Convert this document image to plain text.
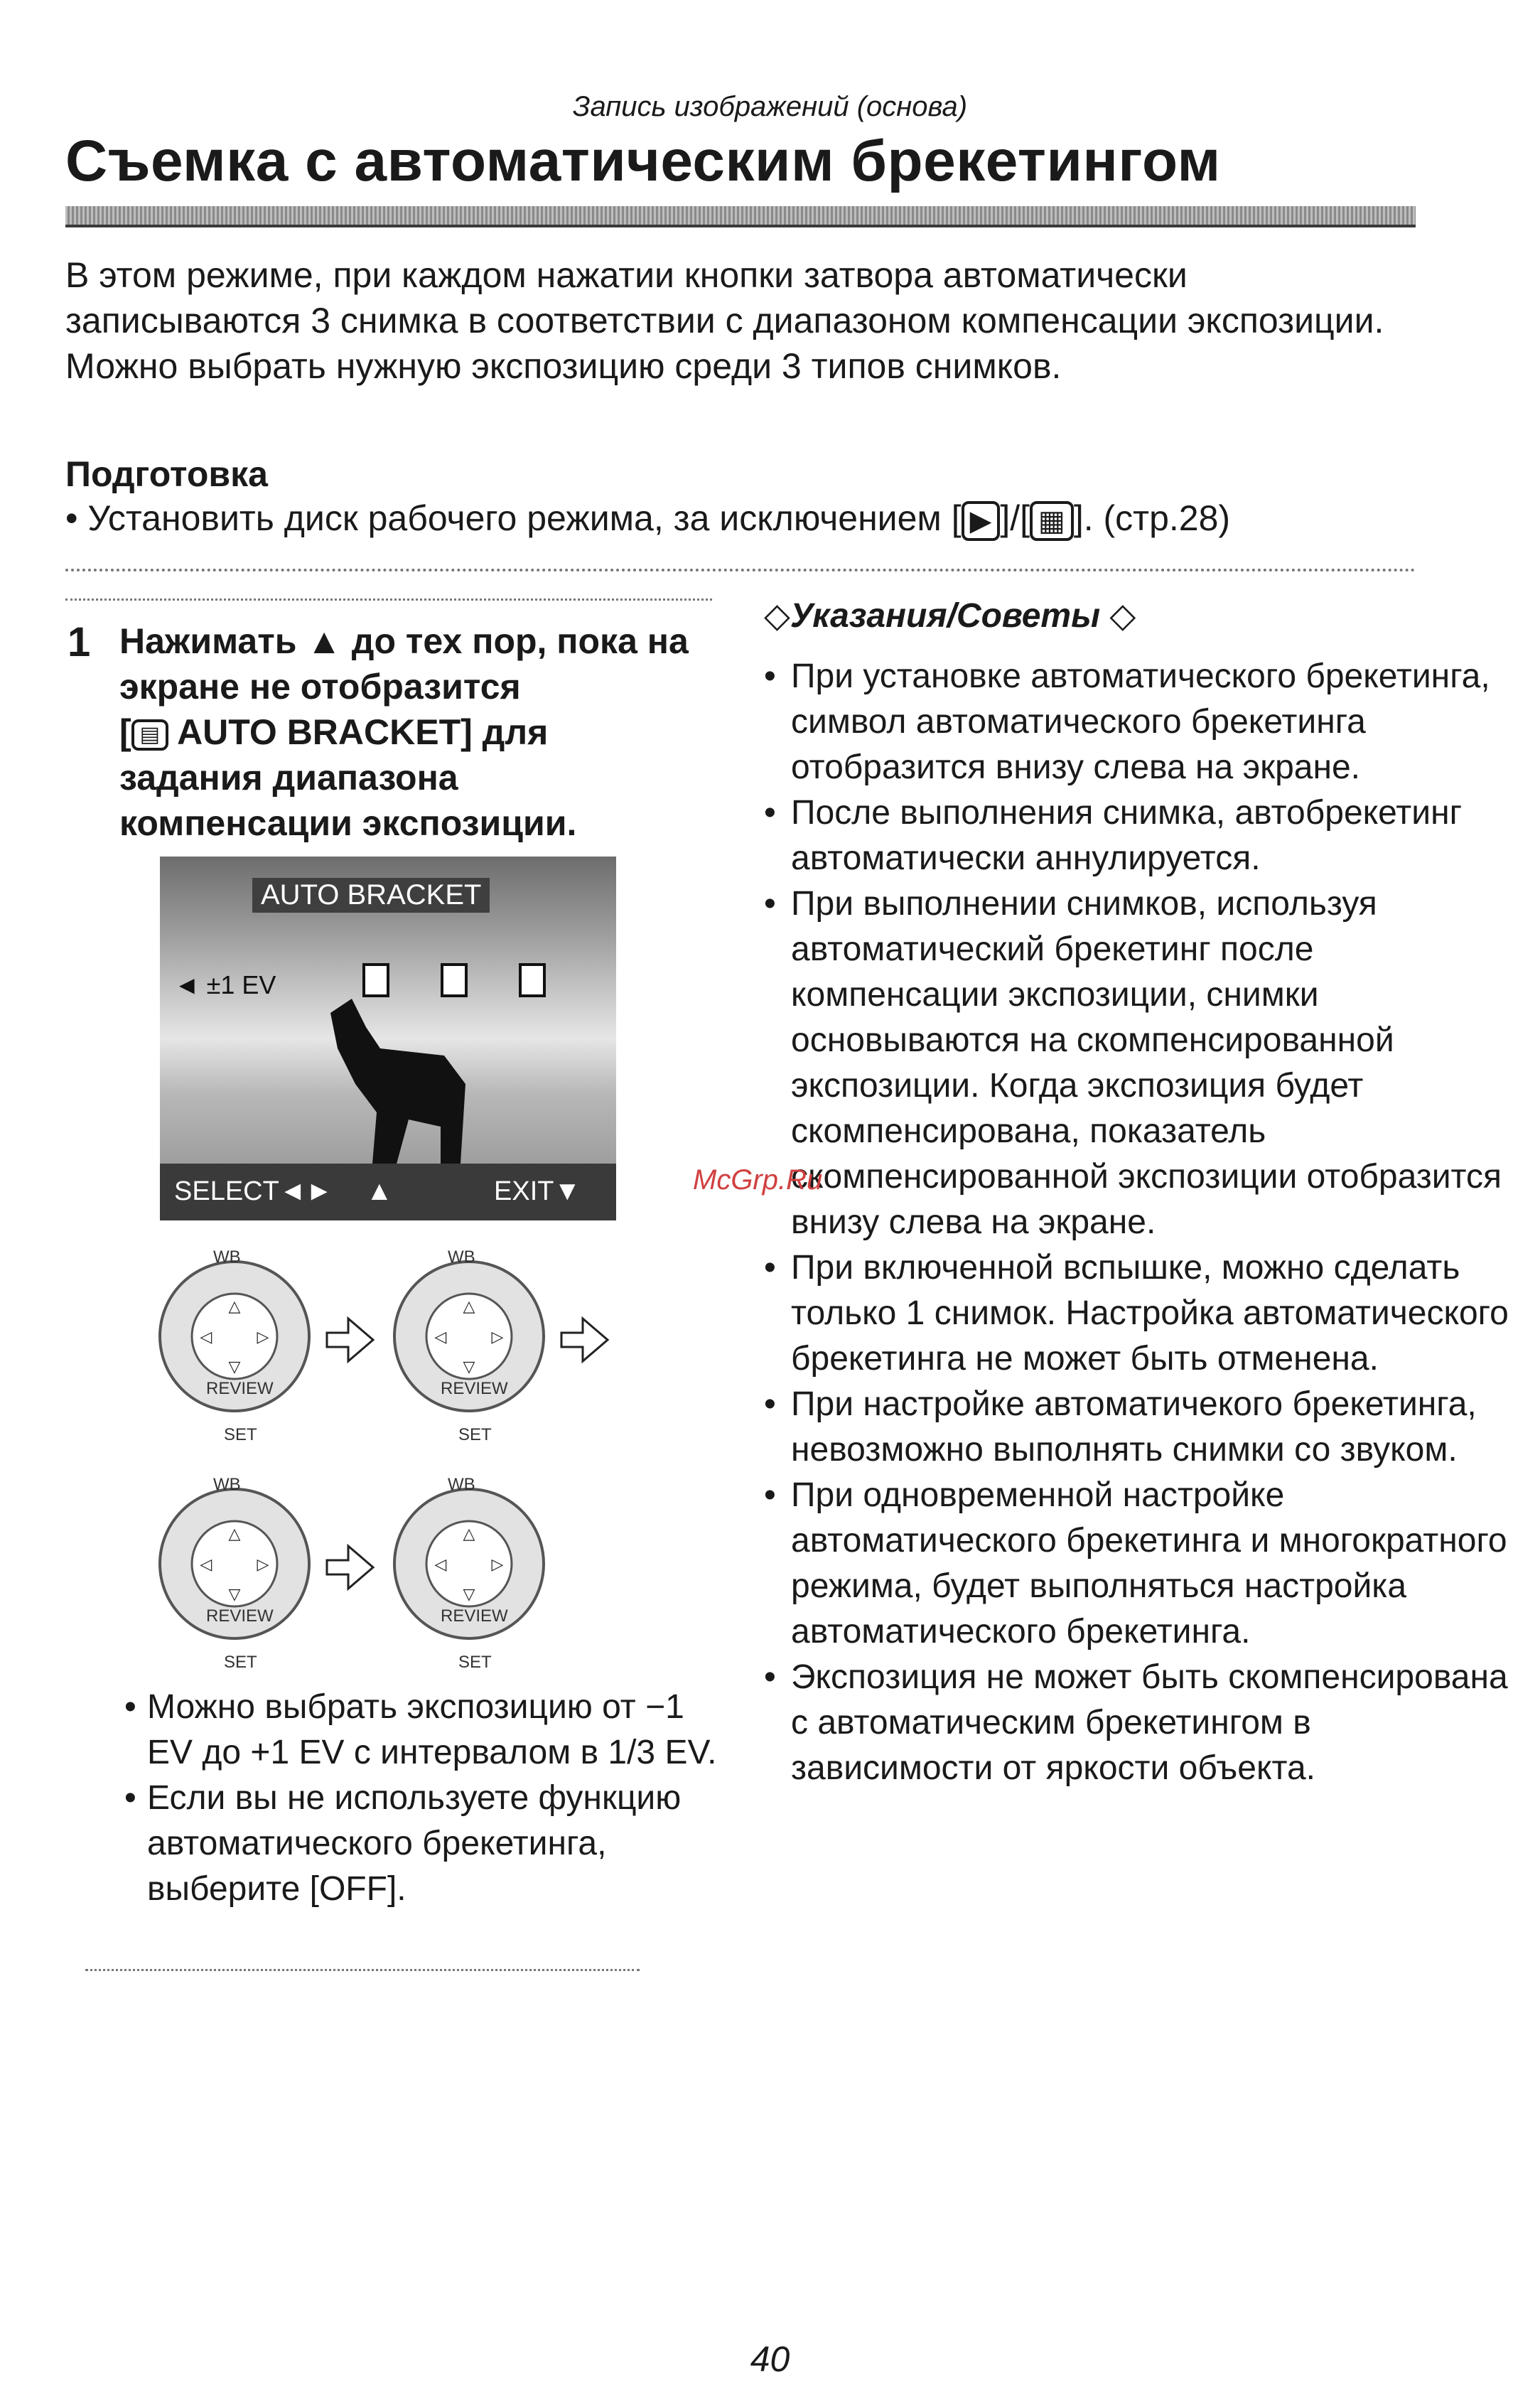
Запись изображений (основа)
Съемка с автоматическим брекетингом

В этом режиме, при каждом нажатии кнопки затвора автоматически записываются 3 снимка в соответствии с диапазоном компенсации экспозиции.

Можно выбрать нужную экспозицию среди 3 типов снимков.

Подготовка
• Установить диск рабочего режима, за исключением [ ▶ ]/[ ▦ ]. (стр.28)
1 Нажимать ▲ до тех пор, пока на
экране не отобразится
[ ▤ AUTO BRACKET] для
задания диапазона
компенсации экспозиции.
AUTO BRACKET
◄ ±1 EV
SELECT◄► ▲	EXIT▼
△
▽
◁	▷
△
▽
◁	▷
△
▽
◁	▷
△
▽
◁	▷
WB	WB
WB	WB
REVIEW	REVIEW
REVIEW	REVIEW
SET	SET
SET	SET
• Можно выбрать экспозицию от −1 EV до +1 EV с интервалом в 1/3 EV.
• Если вы не используете функцию автоматического брекетинга, выберите [OFF].
◇Указания/Советы ◇
• При установке автоматического брекетинга, символ автоматического брекетинга отобразится внизу слева на экране.
• После выполнения снимка, автобрекетинг автоматически аннулируется.
• При выполнении снимков, используя автоматический брекетинг после компенсации экспозиции, снимки основываются на скомпенсированной экспозиции. Когда экспозиция будет скомпенсирована, показатель скомпенсированной экспозиции отобразится внизу слева на экране.
• При включенной вспышке, можно сделать только 1 снимок. Настройка автоматического брекетинга не может быть отменена.
• При настройке автоматичекого брекетинга, невозможно выполнять снимки со звуком.
• При одновременной настройке автоматического брекетинга и многократного режима, будет выполняться настройка автоматического брекетинга.
• Экспозиция не может быть скомпенсирована с автоматическим брекетингом в зависимости от яркости объекта.
McGrp.Ru
40
